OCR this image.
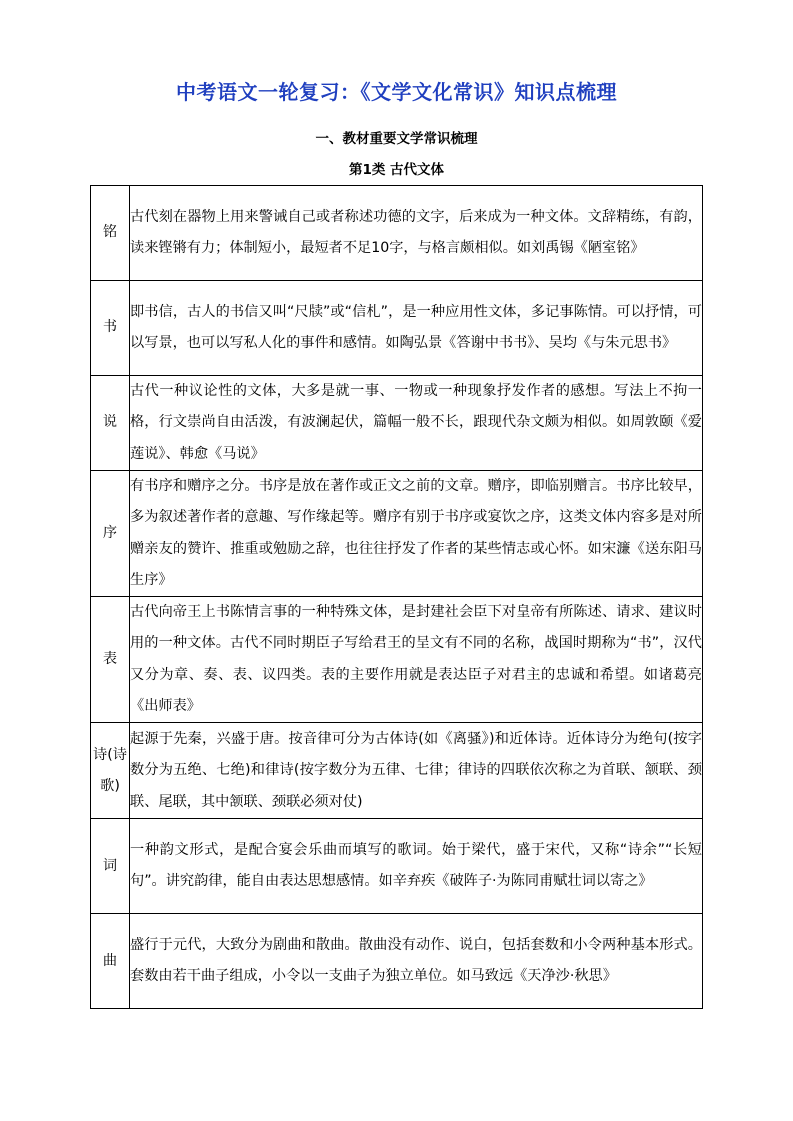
中考语文一轮复习：《文学文化常识》知识点梳理
一、教材重要文学常识梳理
第1类 古代文体
铭	古代刻在器物上用来警诫自己或者称述功德的文字，后来成为一种文体。文辞精练，有韵，读来铿锵有力；体制短小，最短者不足10字，与格言颇相似。如刘禹锡《陋室铭》
书	即书信，古人的书信又叫“尺牍”或“信札”，是一种应用性文体，多记事陈情。可以抒情，可以写景，也可以写私人化的事件和感情。如陶弘景《答谢中书书》、吴均《与朱元思书》
说	古代一种议论性的文体，大多是就一事、一物或一种现象抒发作者的感想。写法上不拘一格，行文崇尚自由活泼，有波澜起伏，篇幅一般不长，跟现代杂文颇为相似。如周敦颐《爱莲说》、韩愈《马说》
序	有书序和赠序之分。书序是放在著作或正文之前的文章。赠序，即临别赠言。书序比较早，多为叙述著作者的意趣、写作缘起等。赠序有别于书序或宴饮之序，这类文体内容多是对所赠亲友的赞许、推重或勉励之辞，也往往抒发了作者的某些情志或心怀。如宋濂《送东阳马生序》
表	古代向帝王上书陈情言事的一种特殊文体，是封建社会臣下对皇帝有所陈述、请求、建议时用的一种文体。古代不同时期臣子写给君王的呈文有不同的名称，战国时期称为“书”，汉代又分为章、奏、表、议四类。表的主要作用就是表达臣子对君主的忠诚和希望。如诸葛亮《出师表》
诗(诗歌)	起源于先秦，兴盛于唐。按音律可分为古体诗(如《离骚》)和近体诗。近体诗分为绝句(按字数分为五绝、七绝)和律诗(按字数分为五律、七律；律诗的四联依次称之为首联、颔联、颈联、尾联，其中颔联、颈联必须对仗)
词	一种韵文形式，是配合宴会乐曲而填写的歌词。始于梁代，盛于宋代，又称“诗余”“长短句”。讲究韵律，能自由表达思想感情。如辛弃疾《破阵子·为陈同甫赋壮词以寄之》
曲	盛行于元代，大致分为剧曲和散曲。散曲没有动作、说白，包括套数和小令两种基本形式。套数由若干曲子组成，小令以一支曲子为独立单位。如马致远《天净沙·秋思》
